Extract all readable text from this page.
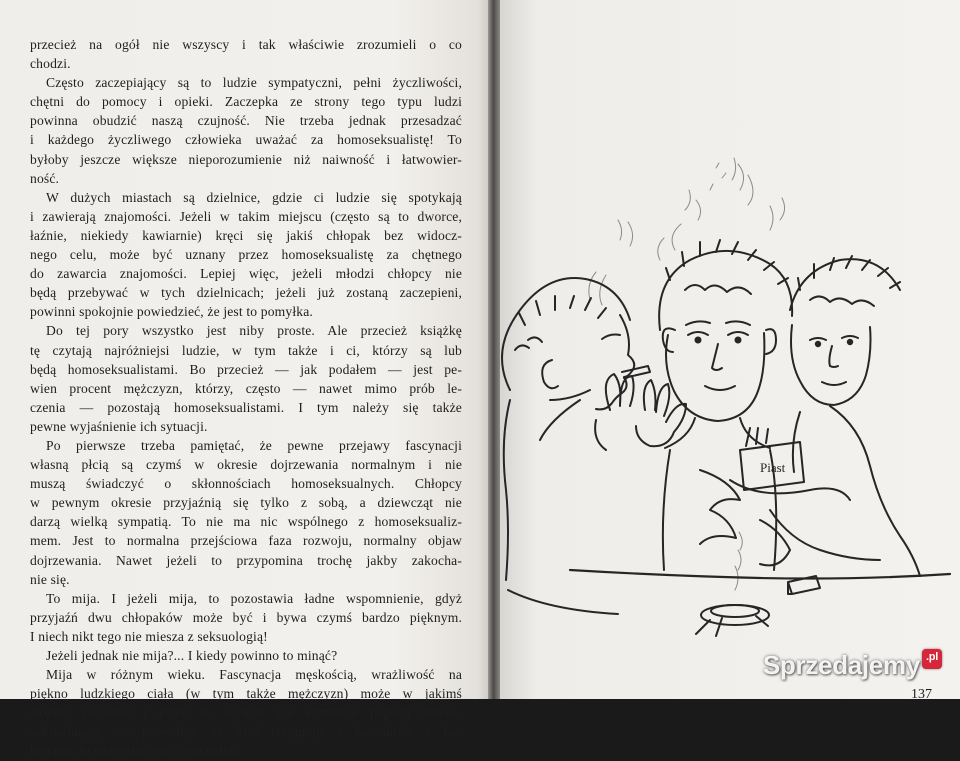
przecież na ogół nie wszyscy i tak właściwie zrozumieli o co
chodzi.
Często zaczepiający są to ludzie sympatyczni, pełni życzliwości,
chętni do pomocy i opieki. Zaczepka ze strony tego typu ludzi
powinna obudzić naszą czujność. Nie trzeba jednak przesadzać
i każdego życzliwego człowieka uważać za homoseksualistę! To
byłoby jeszcze większe nieporozumienie niż naiwność i łatwowier-
ność.
W dużych miastach są dzielnice, gdzie ci ludzie się spotykają
i zawierają znajomości. Jeżeli w takim miejscu (często są to dworce,
łaźnie, niekiedy kawiarnie) kręci się jakiś chłopak bez widocz-
nego celu, może być uznany przez homoseksualistę za chętnego
do zawarcia znajomości. Lepiej więc, jeżeli młodzi chłopcy nie
będą przebywać w tych dzielnicach; jeżeli już zostaną zaczepieni,
powinni spokojnie powiedzieć, że jest to pomyłka.
Do tej pory wszystko jest niby proste. Ale przecież książkę
tę czytają najróżniejsi ludzie, w tym także i ci, którzy są lub
będą homoseksualistami. Bo przecież — jak podałem — jest pe-
wien procent mężczyzn, którzy, często — nawet mimo prób le-
czenia — pozostają homoseksualistami. I tym należy się także
pewne wyjaśnienie ich sytuacji.
Po pierwsze trzeba pamiętać, że pewne przejawy fascynacji
własną płcią są czymś w okresie dojrzewania normalnym i nie
muszą świadczyć o skłonnościach homoseksualnych. Chłopcy
w pewnym okresie przyjaźnią się tylko z sobą, a dziewcząt nie
darzą wielką sympatią. To nie ma nic wspólnego z homoseksualiz-
mem. Jest to normalna przejściowa faza rozwoju, normalny objaw
dojrzewania. Nawet jeżeli to przypomina trochę jakby zakocha-
nie się.
To mija. I jeżeli mija, to pozostawia ładne wspomnienie, gdyż
przyjaźń dwu chłopaków może być i bywa czymś bardzo pięknym.
I niech nikt tego nie miesza z seksuologią!
Jeżeli jednak nie mija?... I kiedy powinno to minąć?
Mija w różnym wieku. Fascynacja męskością, wrażliwość na
piękno ludzkiego ciała (w tym także mężczyzn) może w jakimś
stopniu pozostać i jeżeli to uczucie nie eliminuje popędu hetero-
seksualnego, nie powoduje, że ktoś rezygnuje z kontaktów z ko-
bietami, to wszystko jest w porządku.
137
Piast
Sprzedajemy .pl
